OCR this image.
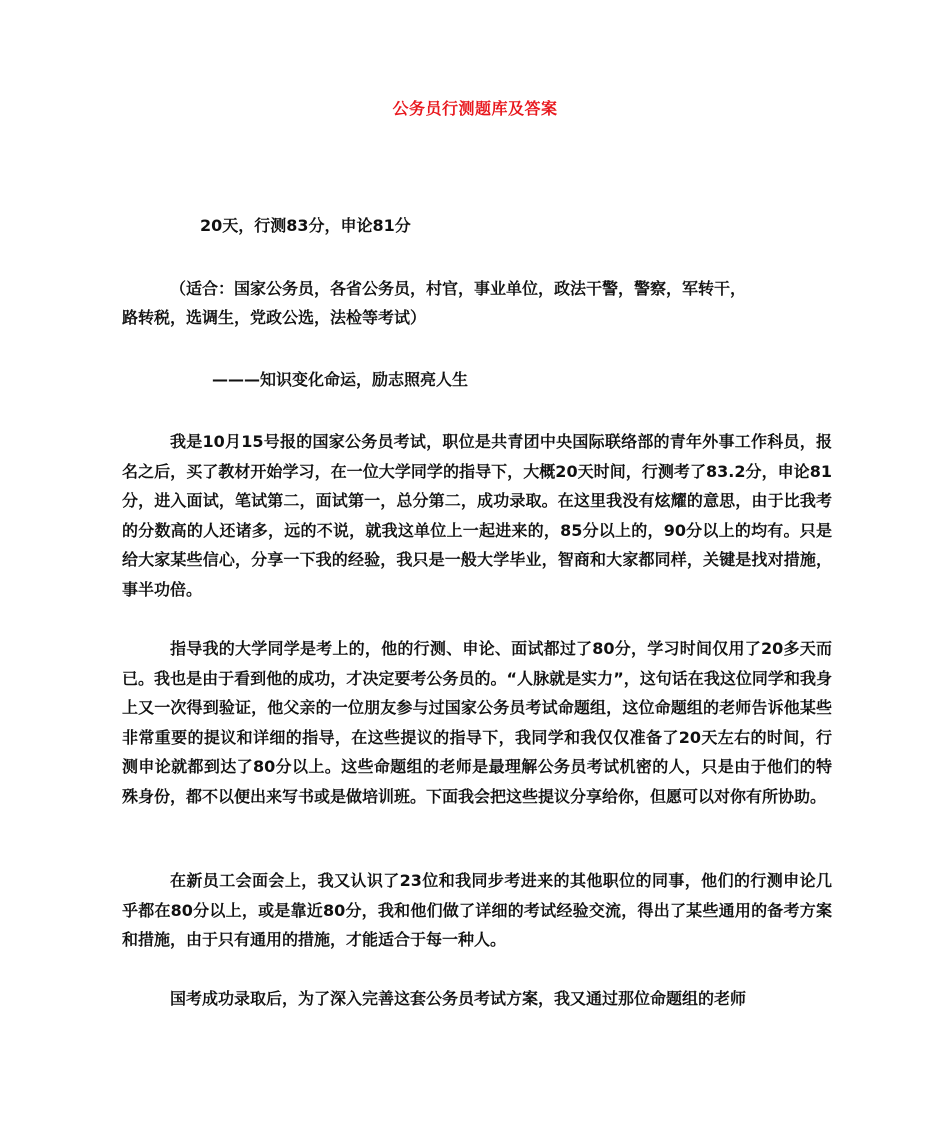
公务员行测题库及答案
20天，行测83分，申论81分
（适合：国家公务员，各省公务员，村官，事业单位，政法干警，警察，军转干，
路转税，选调生，党政公选，法检等考试）
———知识变化命运，励志照亮人生

我是10月15号报的国家公务员考试，职位是共青团中央国际联络部的青年外事工作科员，报名之后，买了教材开始学习，在一位大学同学的指导下，大概20天时间，行测考了83.2分，申论81分，进入面试，笔试第二，面试第一，总分第二，成功录取。在这里我没有炫耀的意思，由于比我考的分数高的人还诸多，远的不说，就我这单位上一起进来的，85分以上的，90分以上的均有。只是给大家某些信心，分享一下我的经验，我只是一般大学毕业，智商和大家都同样，关键是找对措施，事半功倍。

指导我的大学同学是考上的，他的行测、申论、面试都过了80分，学习时间仅用了20多天而已。我也是由于看到他的成功，才决定要考公务员的。“人脉就是实力”，这句话在我这位同学和我身上又一次得到验证，他父亲的一位朋友参与过国家公务员考试命题组，这位命题组的老师告诉他某些非常重要的提议和详细的指导，在这些提议的指导下，我同学和我仅仅准备了20天左右的时间，行测申论就都到达了80分以上。这些命题组的老师是最理解公务员考试机密的人，只是由于他们的特殊身份，都不以便出来写书或是做培训班。下面我会把这些提议分享给你，但愿可以对你有所协助。

在新员工会面会上，我又认识了23位和我同步考进来的其他职位的同事，他们的行测申论几乎都在80分以上，或是靠近80分，我和他们做了详细的考试经验交流，得出了某些通用的备考方案和措施，由于只有通用的措施，才能适合于每一种人。

国考成功录取后，为了深入完善这套公务员考试方案，我又通过那位命题组的老师
